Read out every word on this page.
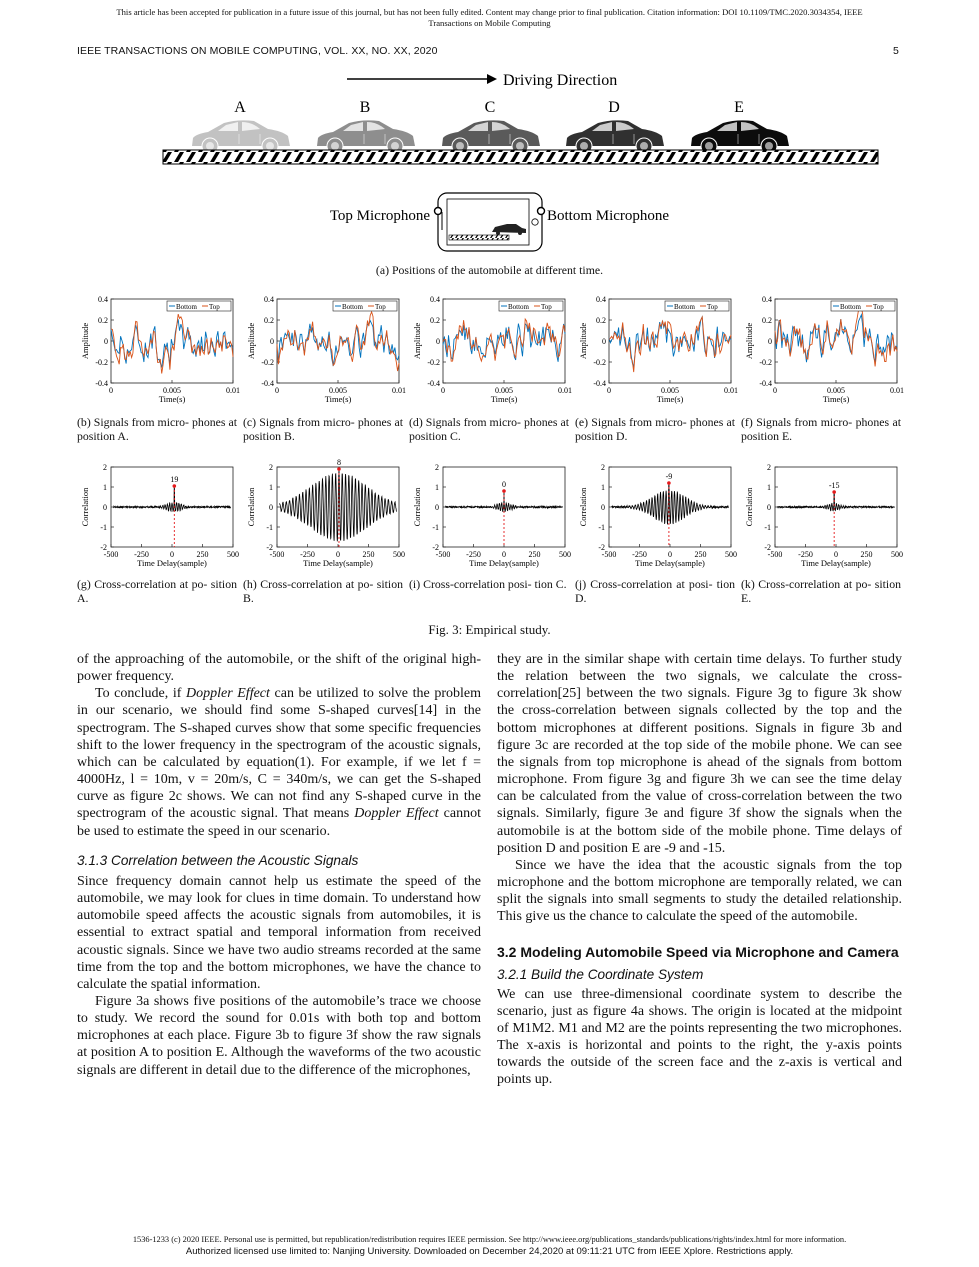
This article has been accepted for publication in a future issue of this journal, but has not been fully edited. Content may change prior to final publication. Citation information: DOI 10.1109/TMC.2020.3034354, IEEE
Transactions on Mobile Computing
IEEE TRANSACTIONS ON MOBILE COMPUTING, VOL. XX, NO. XX, 2020	5
Driving Direction
A	B	C	D	E
Top Microphone	Bottom Microphone
(a) Positions of the automobile at different time.
0.4
0.2
0
-0.2
-0.4
0	0.005	0.01
Time(s)
Amplitude
Bottom Top
(b) Signals from micro- phones at position A.
0.4
0.2
0
-0.2
-0.4
0	0.005	0.01
Time(s)
Amplitude
Bottom Top
(c) Signals from micro- phones at position B.
0.4
0.2
0
-0.2
-0.4
0	0.005	0.01
Time(s)
Amplitude
Bottom Top
(d) Signals from micro- phones at position C.
0.4
0.2
0
-0.2
-0.4
0	0.005	0.01
Time(s)
Amplitude
Bottom Top
(e) Signals from micro- phones at position D.
0.4
0.2
0
-0.2
-0.4
0	0.005	0.01
Time(s)
Amplitude
Bottom Top
(f) Signals from micro- phones at position E.
2
1
0
-1
-2
-500 -250	0	250 500
Time Delay(sample)
Correlation
19
(g) Cross-correlation at po- sition A.
2
1
0
-1
-2
-500 -250	0	250 500
Time Delay(sample)
Correlation
8
(h) Cross-correlation at po- sition B.
2
1
0
-1
-2
-500 -250	0	250 500
Time Delay(sample)
Correlation
0
(i) Cross-correlation posi- tion C.
2
1
0
-1
-2
-500 -250	0	250 500
Time Delay(sample)
Correlation
-9
(j) Cross-correlation at posi- tion D.
2
1
0
-1
-2
-500 -250	0	250 500
Time Delay(sample)
Correlation
-15
(k) Cross-correlation at po- sition E.
Fig. 3: Empirical study.

of the approaching of the automobile, or the shift of the original high-power frequency.

To conclude, if Doppler Effect can be utilized to solve the problem in our scenario, we should find some S-shaped curves[14] in the spectrogram. The S-shaped curves show that some specific frequencies shift to the lower frequency in the spectrogram of the acoustic signals, which can be calculated by equation(1). For example, if we let f = 4000Hz, l = 10m, v = 20m/s, C = 340m/s, we can get the S-shaped curve as figure 2c shows. We can not find any S-shaped curve in the spectrogram of the acoustic signal. That means Doppler Effect cannot be used to estimate the speed in our scenario.

3.1.3 Correlation between the Acoustic Signals

Since frequency domain cannot help us estimate the speed of the automobile, we may look for clues in time domain. To understand how automobile speed affects the acoustic signals from automobiles, it is essential to extract spatial and temporal information from received acoustic signals. Since we have two audio streams recorded at the same time from the top and the bottom microphones, we have the chance to calculate the spatial information.

Figure 3a shows five positions of the automobile’s trace we choose to study. We record the sound for 0.01s with both top and bottom microphones at each place. Figure 3b to figure 3f show the raw signals at position A to position E. Although the waveforms of the two acoustic signals are different in detail due to the difference of the microphones,

they are in the similar shape with certain time delays. To further study the relation between the two signals, we calculate the cross-correlation[25] between the two signals. Figure 3g to figure 3k show the cross-correlation between signals collected by the top and the bottom microphones at different positions. Signals in figure 3b and figure 3c are recorded at the top side of the mobile phone. We can see the signals from top microphone is ahead of the signals from bottom microphone. From figure 3g and figure 3h we can see the time delay can be calculated from the value of cross-correlation between the two signals. Similarly, figure 3e and figure 3f show the signals when the automobile is at the bottom side of the mobile phone. Time delays of position D and position E are -9 and -15.

Since we have the idea that the acoustic signals from the top microphone and the bottom microphone are temporally related, we can split the signals into small segments to study the detailed relationship. This give us the chance to calculate the speed of the automobile.

3.2 Modeling Automobile Speed via Microphone and Camera
3.2.1 Build the Coordinate System

We can use three-dimensional coordinate system to describe the scenario, just as figure 4a shows. The origin is located at the midpoint of M1M2. M1 and M2 are the points representing the two microphones. The x-axis is horizontal and points to the right, the y-axis points towards the outside of the screen face and the z-axis is vertical and points up.

1536-1233 (c) 2020 IEEE. Personal use is permitted, but republication/redistribution requires IEEE permission. See http://www.ieee.org/publications_standards/publications/rights/index.html for more information.
Authorized licensed use limited to: Nanjing University. Downloaded on December 24,2020 at 09:11:21 UTC from IEEE Xplore. Restrictions apply.
